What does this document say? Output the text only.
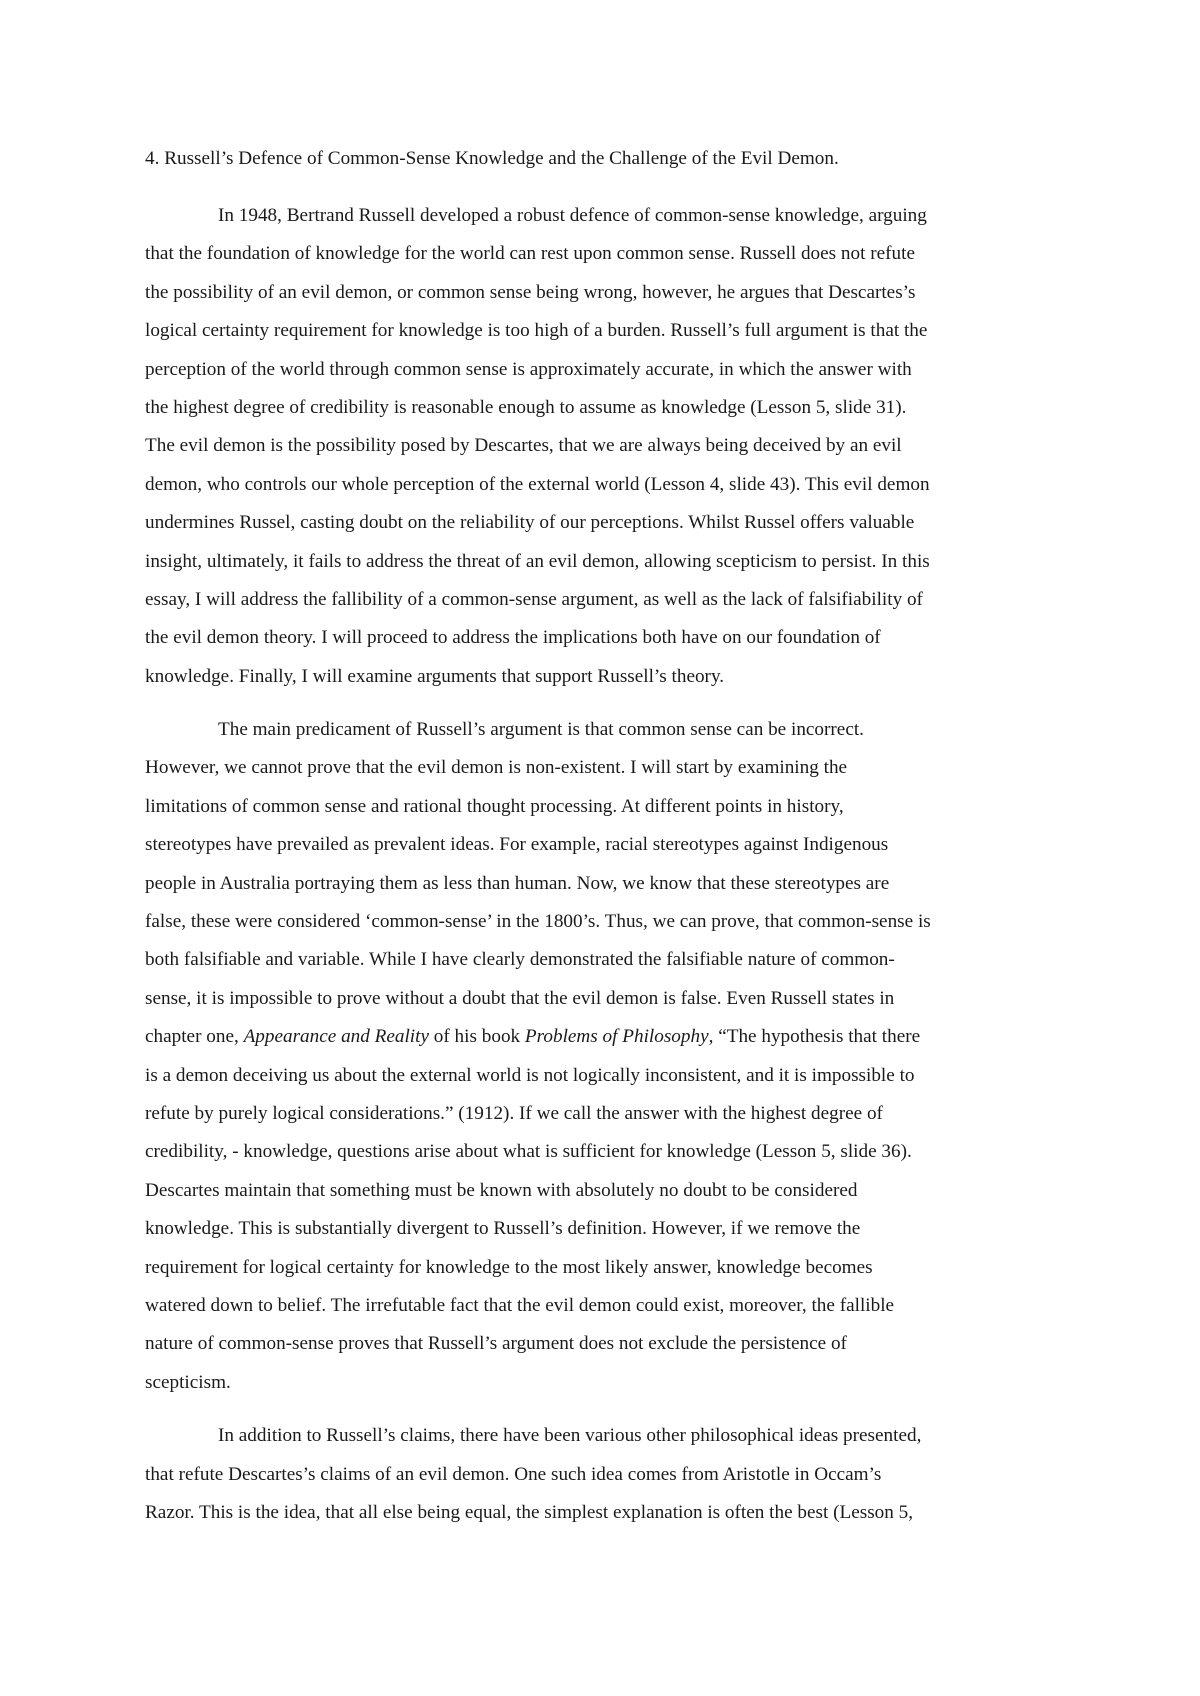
4. Russell’s Defence of Common-Sense Knowledge and the Challenge of the Evil Demon.
In 1948, Bertrand Russell developed a robust defence of common-sense knowledge, arguing
that the foundation of knowledge for the world can rest upon common sense. Russell does not refute
the possibility of an evil demon, or common sense being wrong, however, he argues that Descartes’s
logical certainty requirement for knowledge is too high of a burden. Russell’s full argument is that the
perception of the world through common sense is approximately accurate, in which the answer with
the highest degree of credibility is reasonable enough to assume as knowledge (Lesson 5, slide 31).
The evil demon is the possibility posed by Descartes, that we are always being deceived by an evil
demon, who controls our whole perception of the external world (Lesson 4, slide 43). This evil demon
undermines Russel, casting doubt on the reliability of our perceptions. Whilst Russel offers valuable
insight, ultimately, it fails to address the threat of an evil demon, allowing scepticism to persist. In this
essay, I will address the fallibility of a common-sense argument, as well as the lack of falsifiability of
the evil demon theory. I will proceed to address the implications both have on our foundation of
knowledge. Finally, I will examine arguments that support Russell’s theory.
The main predicament of Russell’s argument is that common sense can be incorrect.
However, we cannot prove that the evil demon is non-existent. I will start by examining the
limitations of common sense and rational thought processing. At different points in history,
stereotypes have prevailed as prevalent ideas. For example, racial stereotypes against Indigenous
people in Australia portraying them as less than human. Now, we know that these stereotypes are
false, these were considered ‘common-sense’ in the 1800’s. Thus, we can prove, that common-sense is
both falsifiable and variable. While I have clearly demonstrated the falsifiable nature of common-
sense, it is impossible to prove without a doubt that the evil demon is false. Even Russell states in
chapter one, Appearance and Reality of his book Problems of Philosophy, “The hypothesis that there
is a demon deceiving us about the external world is not logically inconsistent, and it is impossible to
refute by purely logical considerations.” (1912). If we call the answer with the highest degree of
credibility, - knowledge, questions arise about what is sufficient for knowledge (Lesson 5, slide 36).
Descartes maintain that something must be known with absolutely no doubt to be considered
knowledge. This is substantially divergent to Russell’s definition. However, if we remove the
requirement for logical certainty for knowledge to the most likely answer, knowledge becomes
watered down to belief. The irrefutable fact that the evil demon could exist, moreover, the fallible
nature of common-sense proves that Russell’s argument does not exclude the persistence of
scepticism.
In addition to Russell’s claims, there have been various other philosophical ideas presented,
that refute Descartes’s claims of an evil demon. One such idea comes from Aristotle in Occam’s
Razor. This is the idea, that all else being equal, the simplest explanation is often the best (Lesson 5,
